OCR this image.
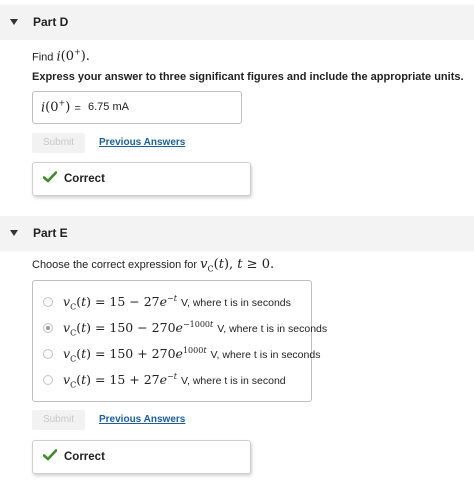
Part D
Find i(0+).
Express your answer to three significant figures and include the appropriate units.
i(0+) = 6.75 mA
Submit	Previous Answers
Correct
Part E
Choose the correct expression for $v_C(t)$, t ≥ 0.
$v_C(t) = 15 - 27e^{-t}$ V, where t is in seconds
$v_C(t) = 150 - 270e^{-1000t}$ V, where t is in seconds
$v_C(t) = 150 + 270e^{1000t}$ V, where t is in seconds
$v_C(t) = 15 + 27e^{-t}$ V, where t is in second
Submit	Previous Answers
Correct
